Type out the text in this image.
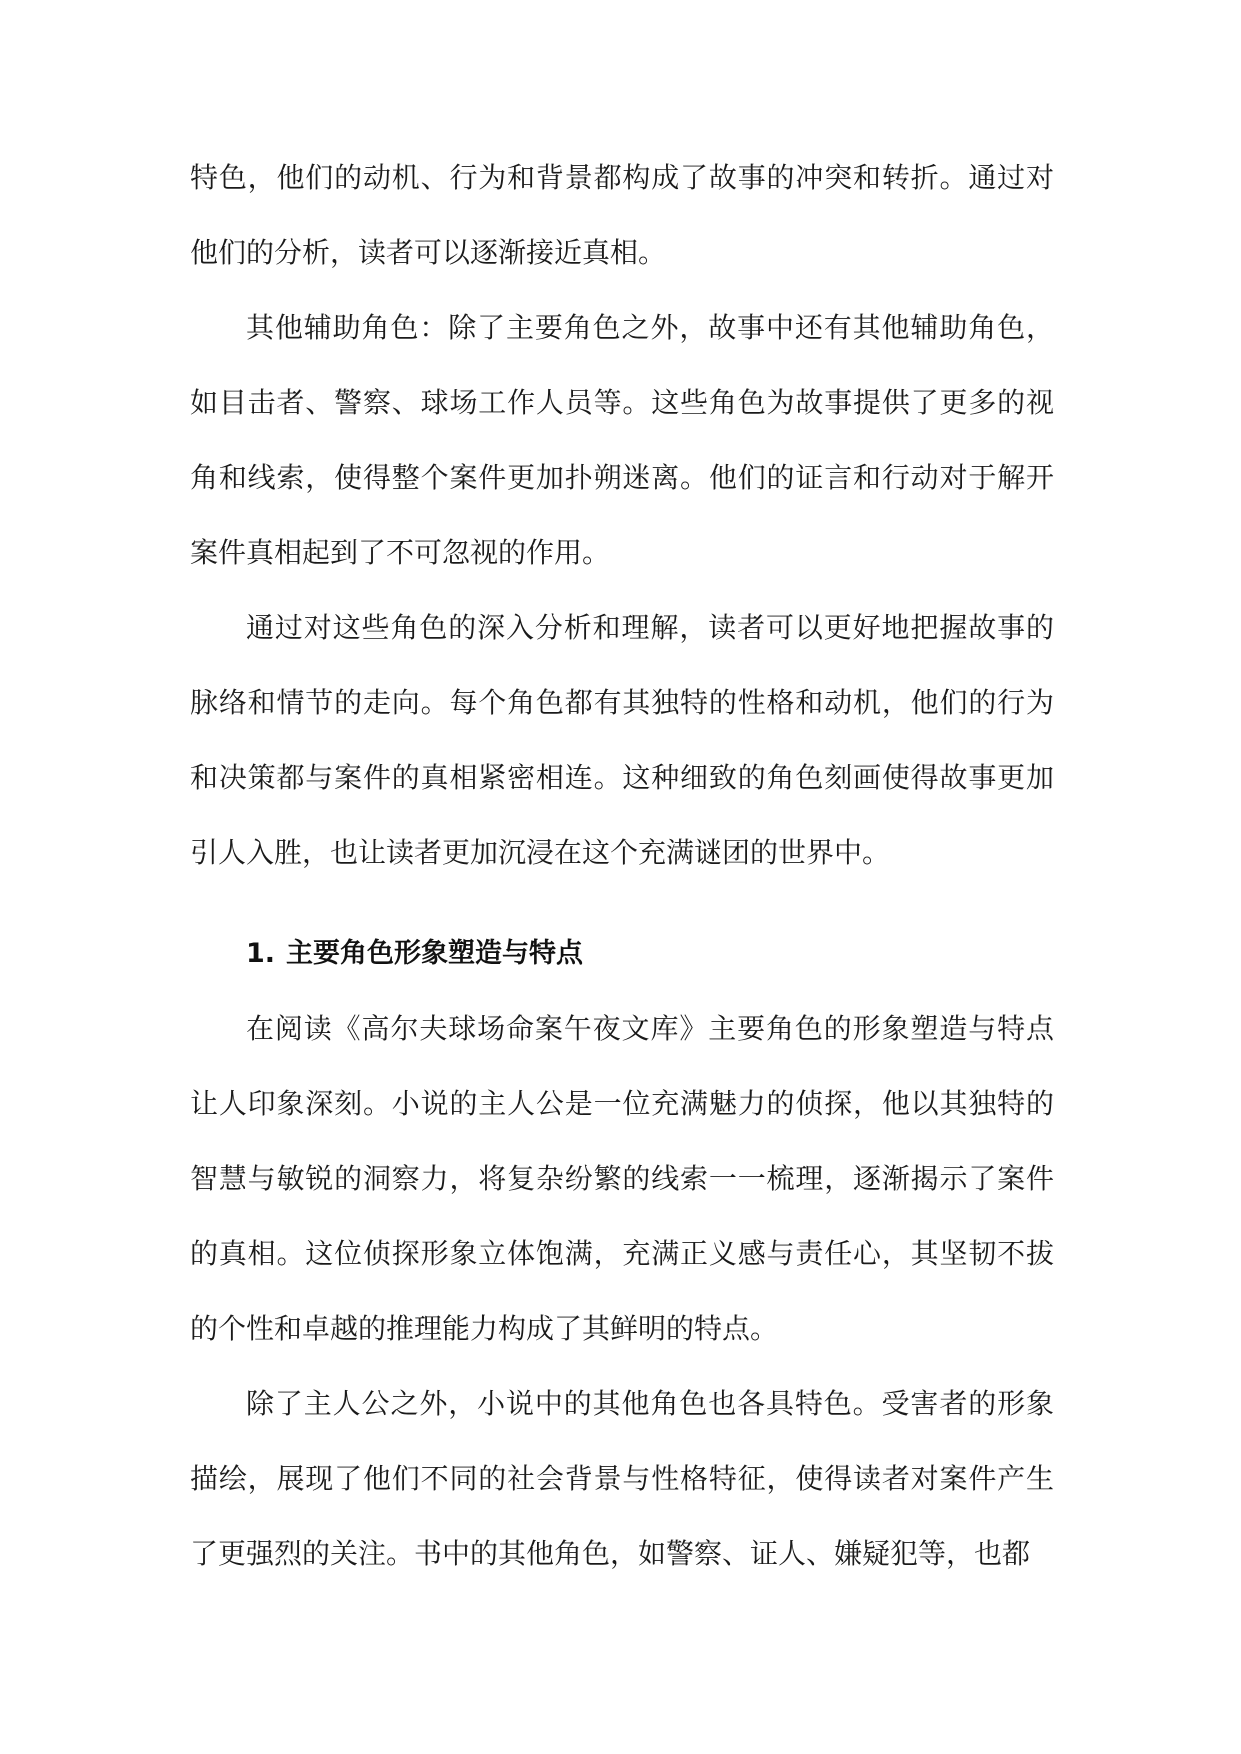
特色，他们的动机、行为和背景都构成了故事的冲突和转折。通过对他们的分析，读者可以逐渐接近真相。

其他辅助角色：除了主要角色之外，故事中还有其他辅助角色，如目击者、警察、球场工作人员等。这些角色为故事提供了更多的视角和线索，使得整个案件更加扑朔迷离。他们的证言和行动对于解开案件真相起到了不可忽视的作用。

通过对这些角色的深入分析和理解，读者可以更好地把握故事的脉络和情节的走向。每个角色都有其独特的性格和动机，他们的行为和决策都与案件的真相紧密相连。这种细致的角色刻画使得故事更加引人入胜，也让读者更加沉浸在这个充满谜团的世界中。

1. 主要角色形象塑造与特点

在阅读《高尔夫球场命案午夜文库》主要角色的形象塑造与特点让人印象深刻。小说的主人公是一位充满魅力的侦探，他以其独特的智慧与敏锐的洞察力，将复杂纷繁的线索一一梳理，逐渐揭示了案件的真相。这位侦探形象立体饱满，充满正义感与责任心，其坚韧不拔的个性和卓越的推理能力构成了其鲜明的特点。

除了主人公之外，小说中的其他角色也各具特色。受害者的形象描绘，展现了他们不同的社会背景与性格特征，使得读者对案件产生了更强烈的关注。书中的其他角色，如警察、证人、嫌疑犯等，也都
